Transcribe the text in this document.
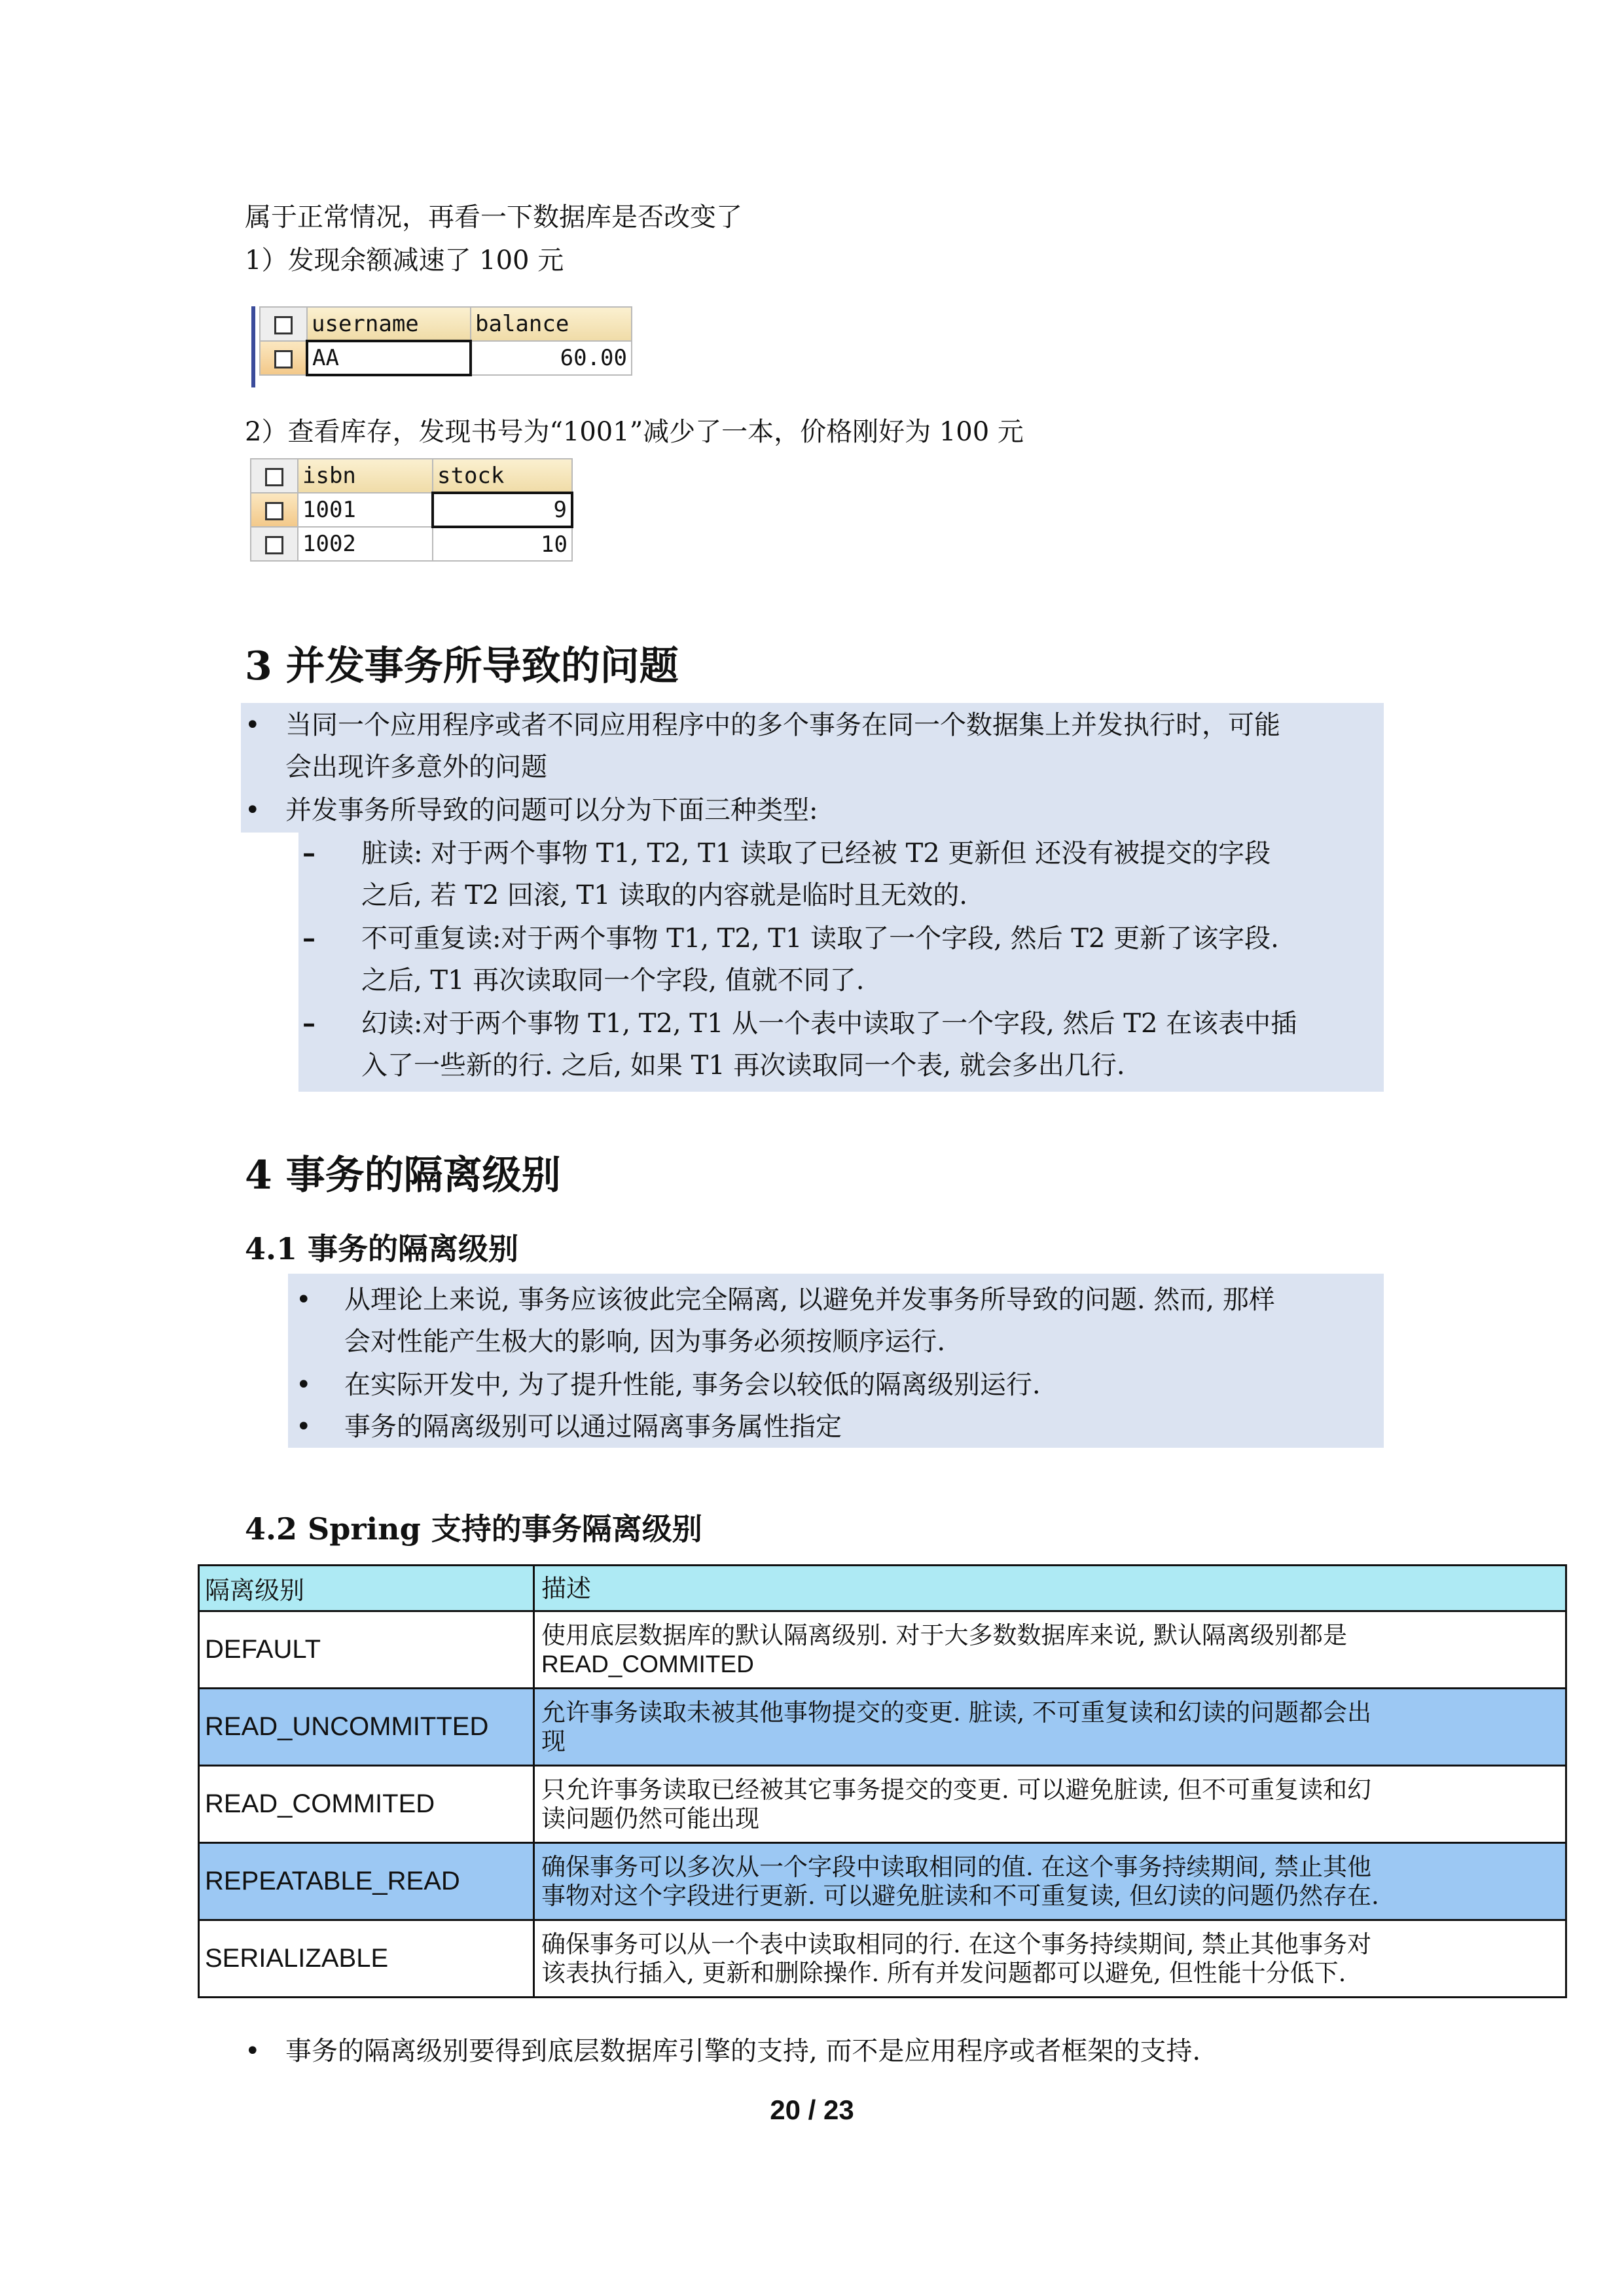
属于正常情况，再看一下数据库是否改变了
1）发现余额减速了 100 元
	username	balance
	AA	60.00
2）查看库存，发现书号为“1001”减少了一本，价格刚好为 100 元
	isbn	stock
	1001	9
	1002	10
3 并发事务所导致的问题
• 当同一个应用程序或者不同应用程序中的多个事务在同一个数据集上并发执行时，可能
会出现许多意外的问题
• 并发事务所导致的问题可以分为下面三种类型:
– 脏读: 对于两个事物 T1, T2, T1 读取了已经被 T2 更新但 还没有被提交的字段
之后, 若 T2 回滚, T1 读取的内容就是临时且无效的.
– 不可重复读:对于两个事物 T1, T2, T1 读取了一个字段, 然后 T2 更新了该字段.
之后, T1 再次读取同一个字段, 值就不同了.
– 幻读:对于两个事物 T1, T2, T1 从一个表中读取了一个字段, 然后 T2 在该表中插
入了一些新的行. 之后, 如果 T1 再次读取同一个表, 就会多出几行.
4 事务的隔离级别
4.1 事务的隔离级别
• 从理论上来说, 事务应该彼此完全隔离, 以避免并发事务所导致的问题. 然而, 那样
会对性能产生极大的影响, 因为事务必须按顺序运行.
• 在实际开发中, 为了提升性能, 事务会以较低的隔离级别运行.
• 事务的隔离级别可以通过隔离事务属性指定
4.2 Spring 支持的事务隔离级别
隔离级别	描述
DEFAULT	使用底层数据库的默认隔离级别. 对于大多数数据库来说, 默认隔离级别都是
READ_COMMITED

READ_UNCOMMITTED	允许事务读取未被其他事物提交的变更. 脏读, 不可重复读和幻读的问题都会出
现

READ_COMMITED	只允许事务读取已经被其它事务提交的变更. 可以避免脏读, 但不可重复读和幻
读问题仍然可能出现

REPEATABLE_READ	确保事务可以多次从一个字段中读取相同的值. 在这个事务持续期间, 禁止其他
事物对这个字段进行更新. 可以避免脏读和不可重复读, 但幻读的问题仍然存在.

SERIALIZABLE	确保事务可以从一个表中读取相同的行. 在这个事务持续期间, 禁止其他事务对
该表执行插入, 更新和删除操作. 所有并发问题都可以避免, 但性能十分低下.
• 事务的隔离级别要得到底层数据库引擎的支持, 而不是应用程序或者框架的支持.
20 / 23
